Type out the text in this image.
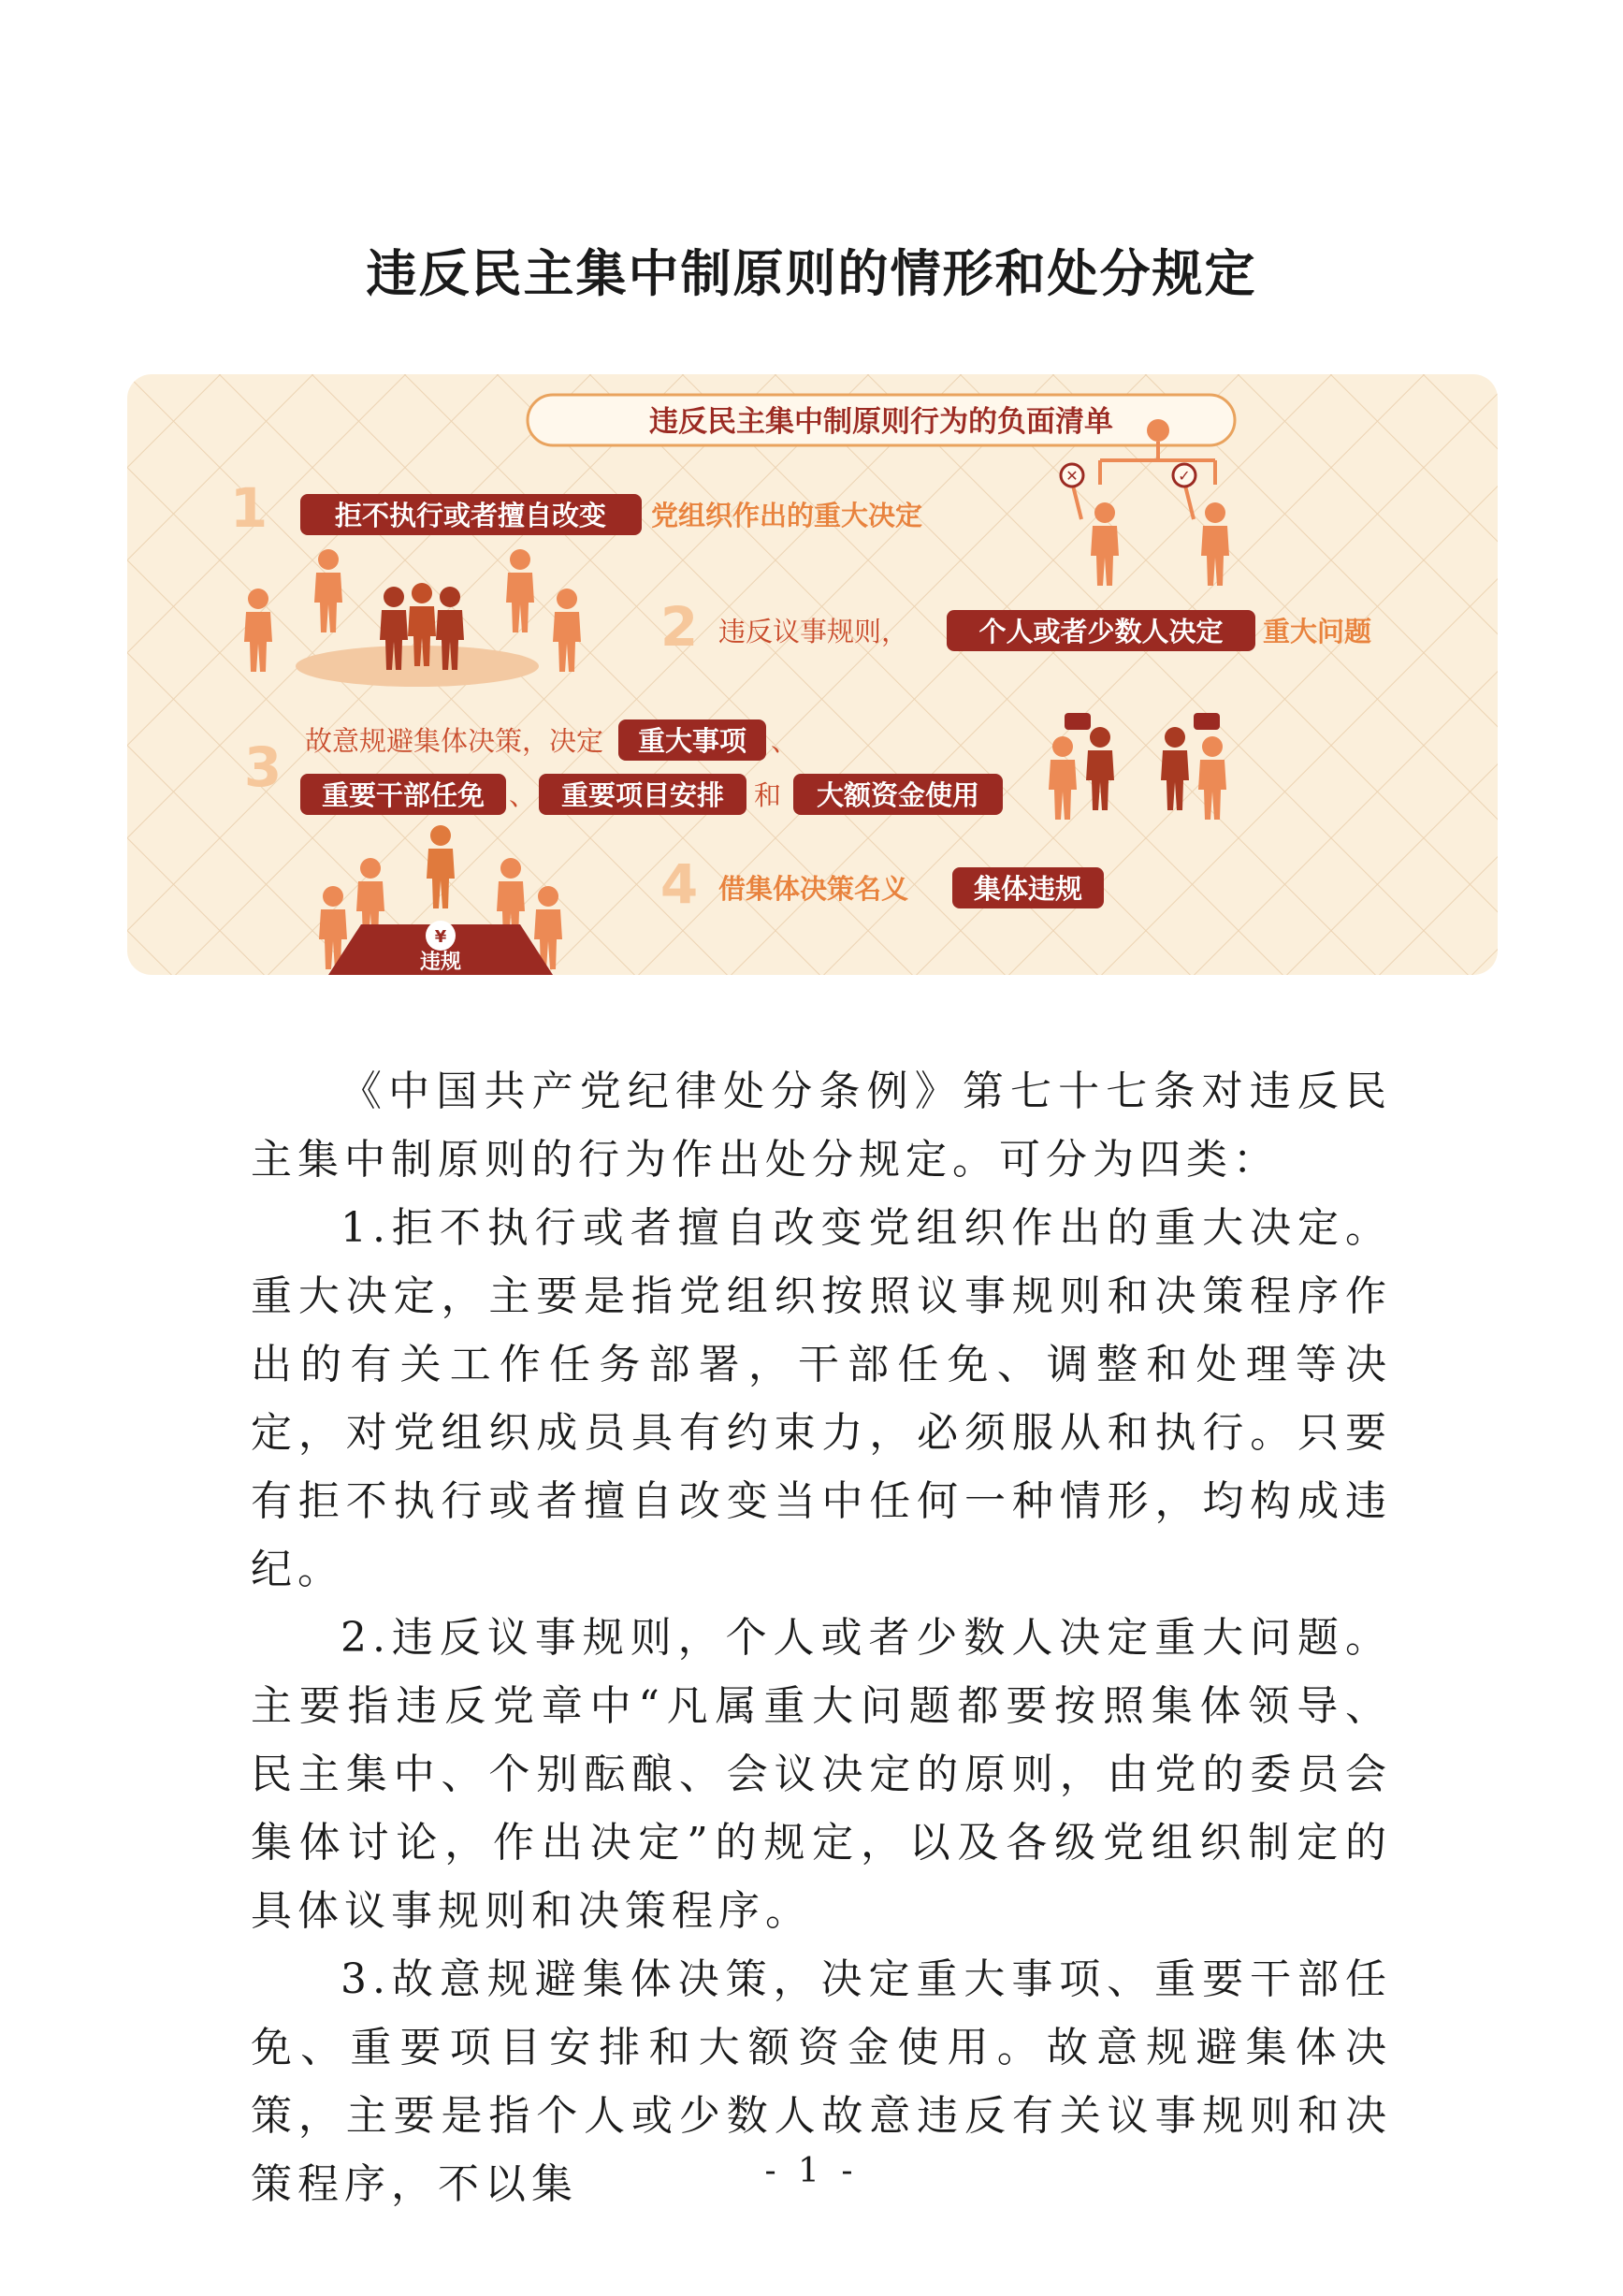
违反民主集中制原则的情形和处分规定
违反民主集中制原则行为的负面清单
✕	✓
1 拒不执行或者擅自改变 党组织作出的重大决定
2 违反议事规则，	个人或者少数人决定 重大问题
3 故意规避集体决策，决定 重大事项 、
重要干部任免 、 重要项目安排 和 大额资金使用
4 借集体决策名义 集体违规
¥
违规

《中国共产党纪律处分条例》第七十七条对违反民主集中制原则的行为作出处分规定。可分为四类：

1.拒不执行或者擅自改变党组织作出的重大决定。重大决定，主要是指党组织按照议事规则和决策程序作出的有关工作任务部署，干部任免、调整和处理等决定，对党组织成员具有约束力，必须服从和执行。只要有拒不执行或者擅自改变当中任何一种情形，均构成违纪。

2.违反议事规则，个人或者少数人决定重大问题。主要指违反党章中“凡属重大问题都要按照集体领导、民主集中、个别酝酿、会议决定的原则，由党的委员会集体讨论，作出决定”的规定，以及各级党组织制定的具体议事规则和决策程序。

3.故意规避集体决策，决定重大事项、重要干部任免、重要项目安排和大额资金使用。故意规避集体决策，主要是指个人或少数人故意违反有关议事规则和决策程序，不以集	- 1 -
